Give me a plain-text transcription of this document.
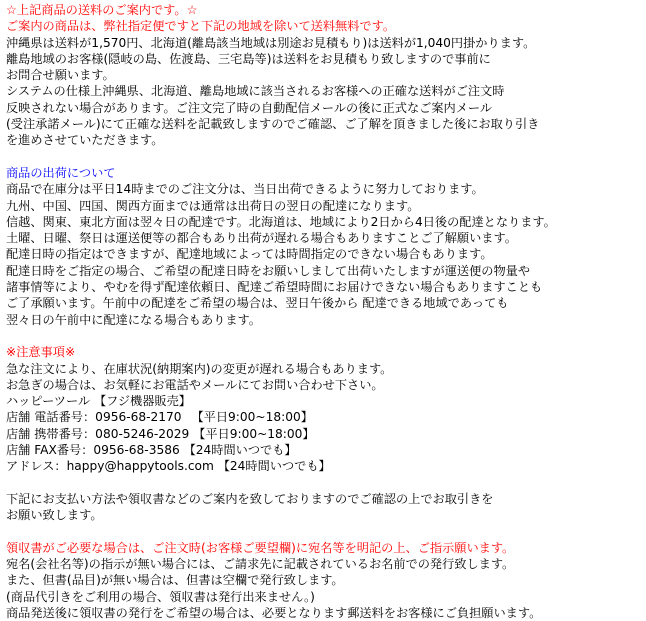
☆上記商品の送料のご案内です。☆
ご案内の商品は、弊社指定便ですと下記の地域を除いて送料無料です。
沖縄県は送料が1,570円、北海道(離島該当地域は別途お見積もり)は送料が1,040円掛かります。
離島地域のお客様(隠岐の島、佐渡島、三宅島等)は送料をお見積もり致しますので事前に
お問合せ願います。
システムの仕様上沖縄県、北海道、離島地域に該当されるお客様への正確な送料がご注文時
反映されない場合があります。ご注文完了時の自動配信メールの後に正式なご案内メール
(受注承諾メール)にて正確な送料を記載致しますのでご確認、ご了解を頂きました後にお取り引き
を進めさせていただきます。
商品の出荷について
商品で在庫分は平日14時までのご注文分は、当日出荷できるように努力しております。
九州、中国、四国、関西方面までは通常は出荷日の翌日の配達になります。
信越、関東、東北方面は翌々日の配達です。北海道は、地域により2日から4日後の配達となります。
土曜、日曜、祭日は運送便等の都合もあり出荷が遅れる場合もありますことご了解願います。
配達日時の指定はできますが、配達地域によっては時間指定のできない場合もあります。
配達日時をご指定の場合、ご希望の配達日時をお願いしまして出荷いたしますが運送便の物量や
諸事情等により、やむを得ず配達依頼日、配達ご希望時間にお届けできない場合もありますことも
ご了承願います。午前中の配達をご希望の場合は、翌日午後から 配達できる地域であっても
翌々日の午前中に配達になる場合もあります。
※注意事項※
急な注文により、在庫状況(納期案内)の変更が遅れる場合もあります。
お急ぎの場合は、お気軽にお電話やメールにてお問い合わせ下さい。
ハッピーツール 【フジ機器販売】
店舗 電話番号：0956-68-2170 　【平日9:00~18:00】
店舗 携帯番号：080-5246-2029 【平日9:00~18:00】
店舗 FAX番号：0956-68-3586 【24時間いつでも】
アドレス：happy@happytools.com 【24時間いつでも】
下記にお支払い方法や領収書などのご案内を致しておりますのでご確認の上でお取引きを
お願い致します。
領収書がご必要な場合は、ご注文時(お客様ご要望欄)に宛名等を明記の上、ご指示願います。
宛名(会社名等)の指示が無い場合には、ご請求先に記載されているお名前での発行致します。
また、但書(品目)が無い場合は、但書は空欄で発行致します。
(商品代引きをご利用の場合、領収書は発行出来ません。)
商品発送後に領収書の発行をご希望の場合は、必要となります郵送料をお客様にご負担願います。
